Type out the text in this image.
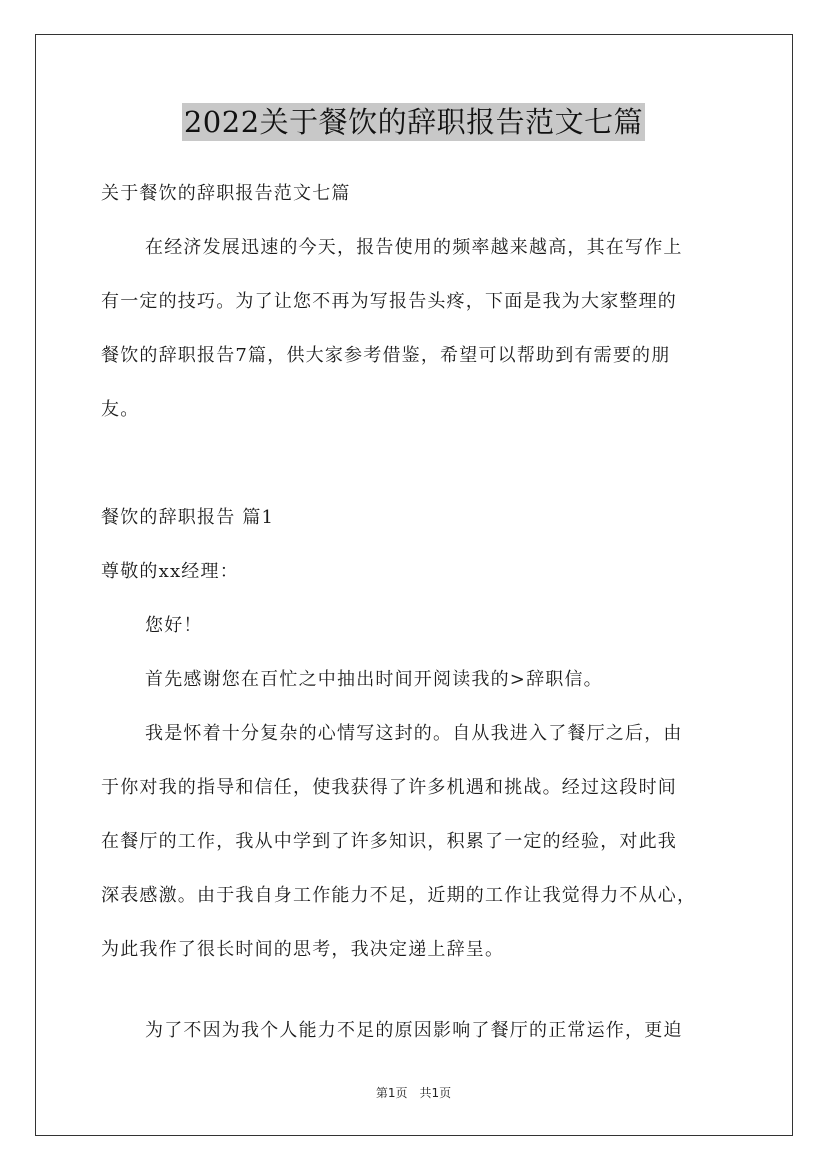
2022关于餐饮的辞职报告范文七篇
关于餐饮的辞职报告范文七篇
在经济发展迅速的今天，报告使用的频率越来越高，其在写作上
有一定的技巧。为了让您不再为写报告头疼，下面是我为大家整理的
餐饮的辞职报告7篇，供大家参考借鉴，希望可以帮助到有需要的朋
友。
餐饮的辞职报告 篇1
尊敬的xx经理：
您好！
首先感谢您在百忙之中抽出时间开阅读我的>辞职信。
我是怀着十分复杂的心情写这封的。自从我进入了餐厅之后，由
于你对我的指导和信任，使我获得了许多机遇和挑战。经过这段时间
在餐厅的工作，我从中学到了许多知识，积累了一定的经验，对此我
深表感激。由于我自身工作能力不足，近期的工作让我觉得力不从心，
为此我作了很长时间的思考，我决定递上辞呈。
为了不因为我个人能力不足的原因影响了餐厅的正常运作，更迫
第1页　共1页
